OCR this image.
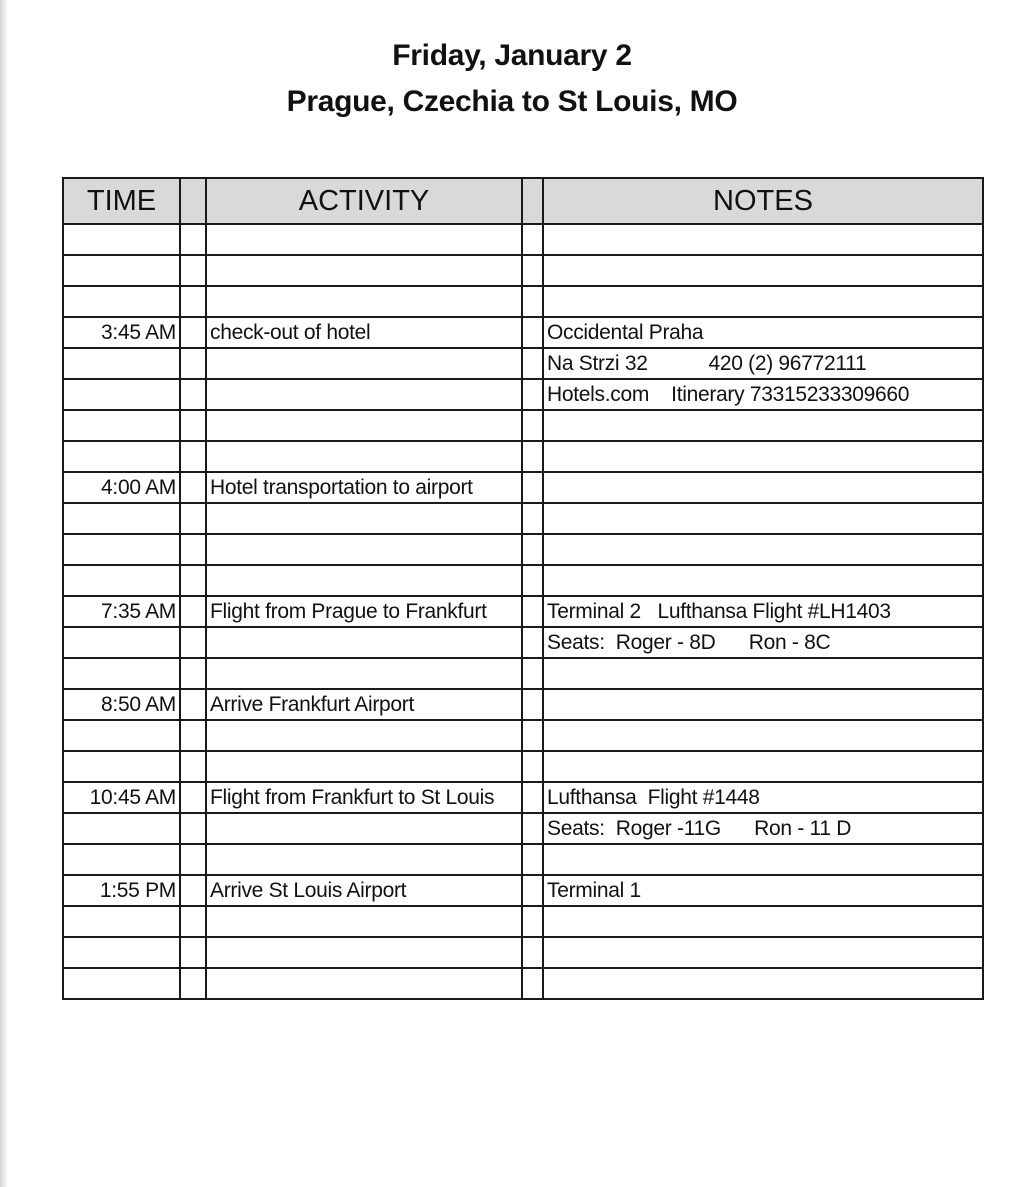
Friday, January 2
Prague, Czechia to St Louis, MO
TIME		ACTIVITY		NOTES

3:45 AM		check-out of hotel		Occidental Praha
				Na Strzi 32           420 (2) 96772111
				Hotels.com    Itinerary 73315233309660

4:00 AM		Hotel transportation to airport		

7:35 AM		Flight from Prague to Frankfurt		Terminal 2   Lufthansa Flight #LH1403
				Seats:  Roger - 8D      Ron - 8C

8:50 AM		Arrive Frankfurt Airport		

10:45 AM		Flight from Frankfurt to St Louis		Lufthansa  Flight #1448
				Seats:  Roger -11G      Ron - 11 D

1:55 PM		Arrive St Louis Airport		Terminal 1
